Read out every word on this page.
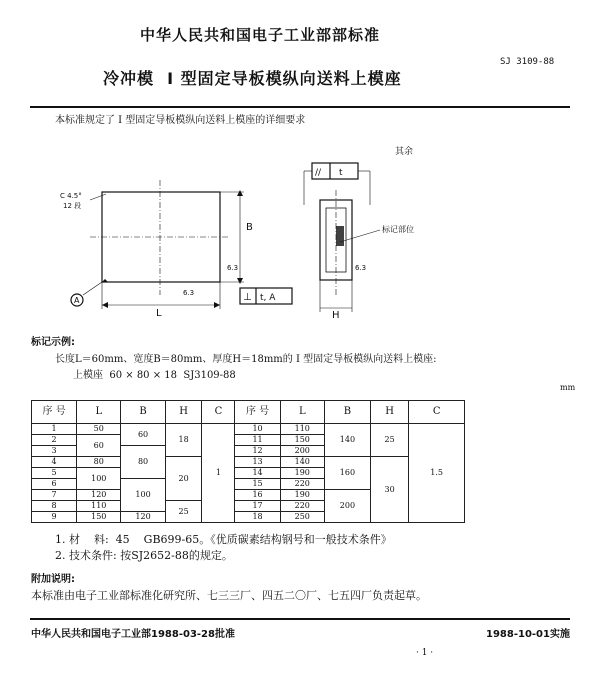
中华人民共和国电子工业部部标准
SJ 3109-88
冷冲模  I 型固定导板模纵向送料上模座
本标准规定了 I 型固定导板模纵向送料上模座的详细要求
C 4.5°
12 段
B
L	H
A
6.3
6.3
6.3
⊥ t, A
// t
标记部位
其余
标记示例:
长度L＝60mm、宽度B＝80mm、厚度H＝18mm的 I 型固定导板模纵向送料上模座:
上模座  60 × 80 × 18  SJ3109-88
mm
序 号	L	B	H	C	序 号	L	B	H	C
1	50	60	18	1	10	110	140	25	1.5
2	60				11	150			
3		80			12	200			
4	80		20		13	140	160	30	
5	100				14	190			
6		100			15	220			
7	120				16	190	200		
8	110		25		17	220			
9	150	120			18	250			
1. 材    料:  45    GB699-65。《优质碳素结构钢号和一般技术条件》
2. 技术条件: 按SJ2652-88的规定。
附加说明:
本标准由电子工业部标准化研究所、七三三厂、四五二〇厂、七五四厂负责起草。
中华人民共和国电子工业部1988-03-28批准	1988-10-01实施
· 1 ·
